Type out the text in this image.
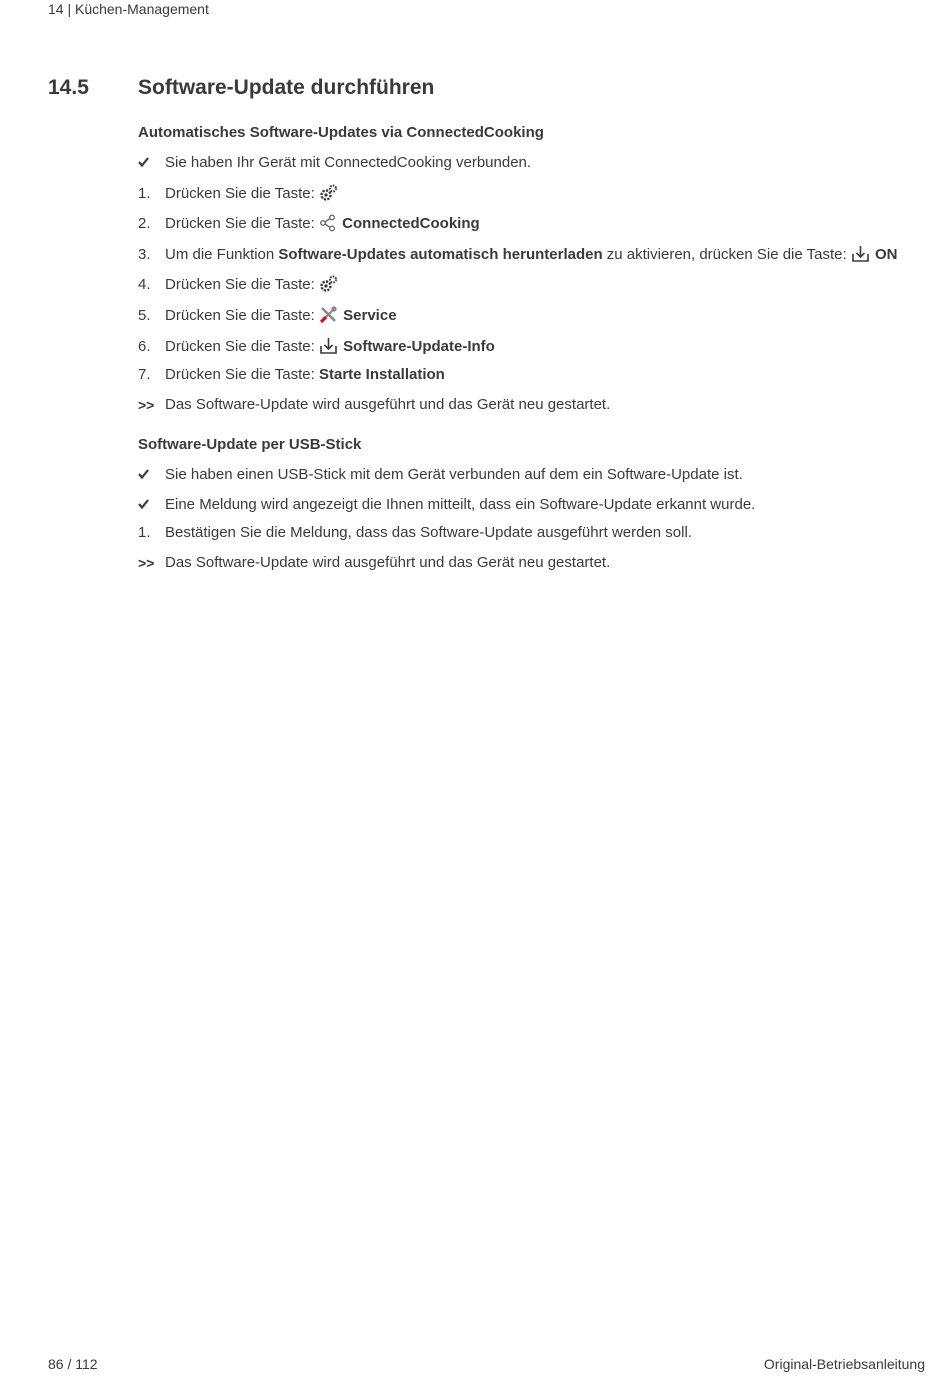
14 | Küchen-Management
14.5 Software-Update durchführen
Automatisches Software-Updates via ConnectedCooking
Sie haben Ihr Gerät mit ConnectedCooking verbunden.
1. Drücken Sie die Taste:
2. Drücken Sie die Taste: ConnectedCooking
3. Um die Funktion Software-Updates automatisch herunterladen zu aktivieren, drücken Sie die Taste: ON
4. Drücken Sie die Taste:
5. Drücken Sie die Taste: Service
6. Drücken Sie die Taste: Software-Update-Info
7. Drücken Sie die Taste: Starte Installation
>> Das Software-Update wird ausgeführt und das Gerät neu gestartet.
Software-Update per USB-Stick
Sie haben einen USB-Stick mit dem Gerät verbunden auf dem ein Software-Update ist.
Eine Meldung wird angezeigt die Ihnen mitteilt, dass ein Software-Update erkannt wurde.
1. Bestätigen Sie die Meldung, dass das Software-Update ausgeführt werden soll.
>> Das Software-Update wird ausgeführt und das Gerät neu gestartet.
86 / 112	Original-Betriebsanleitung
